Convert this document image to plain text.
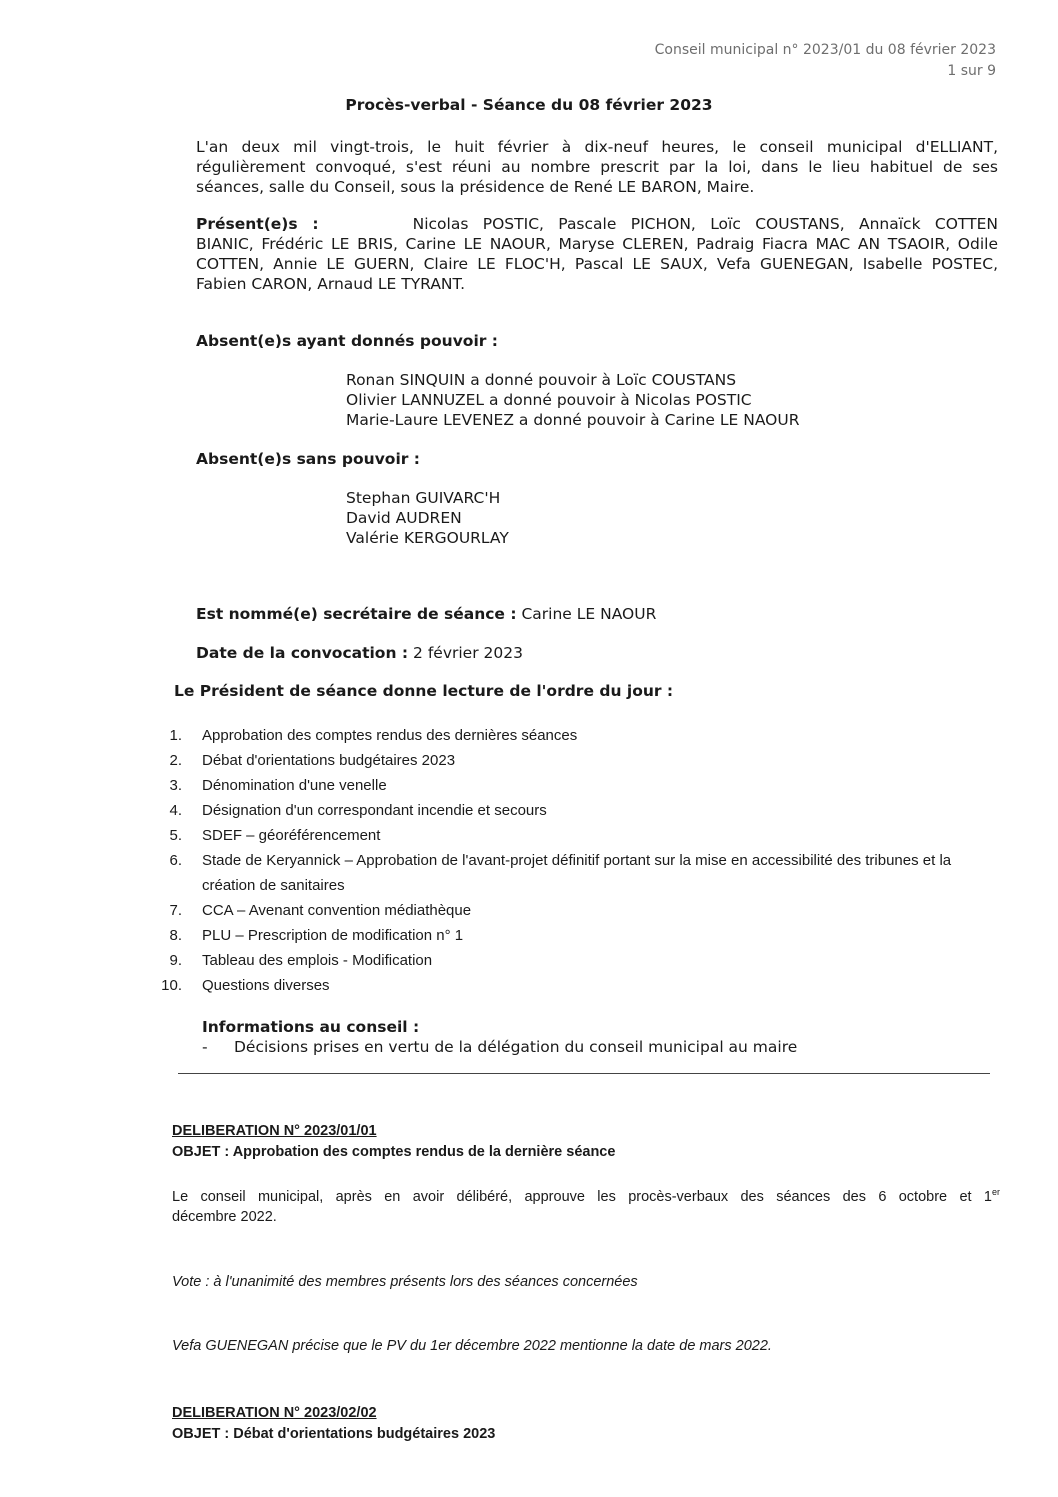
Conseil municipal n° 2023/01 du 08 février 2023
1 sur 9
Procès-verbal - Séance du 08 février 2023
L'an deux mil vingt-trois, le huit février à dix-neuf heures, le conseil municipal d'ELLIANT,
régulièrement convoqué, s'est réuni au nombre prescrit par la loi, dans le lieu habituel de ses
séances, salle du Conseil, sous la présidence de René LE BARON, Maire.
Présent(e)s :	Nicolas POSTIC, Pascale PICHON, Loïc COUSTANS, Annaïck COTTEN
BIANIC, Frédéric LE BRIS, Carine LE NAOUR, Maryse CLEREN, Padraig Fiacra MAC AN TSAOIR, Odile
COTTEN, Annie LE GUERN, Claire LE FLOC'H, Pascal LE SAUX, Vefa GUENEGAN, Isabelle POSTEC,
Fabien CARON, Arnaud LE TYRANT.
Absent(e)s ayant donnés pouvoir :
Ronan SINQUIN a donné pouvoir à Loïc COUSTANS
Olivier LANNUZEL a donné pouvoir à Nicolas POSTIC
Marie-Laure LEVENEZ a donné pouvoir à Carine LE NAOUR
Absent(e)s sans pouvoir :
Stephan GUIVARC'H
David AUDREN
Valérie KERGOURLAY
Est nommé(e) secrétaire de séance : Carine LE NAOUR
Date de la convocation : 2 février 2023
Le Président de séance donne lecture de l'ordre du jour :
1. Approbation des comptes rendus des dernières séances
2. Débat d'orientations budgétaires 2023
3. Dénomination d'une venelle
4. Désignation d'un correspondant incendie et secours
5. SDEF – géoréférencement
6. Stade de Keryannick – Approbation de l'avant-projet définitif portant sur la mise en accessibilité des tribunes et la création de sanitaires
7. CCA – Avenant convention médiathèque
8. PLU – Prescription de modification n° 1
9. Tableau des emplois - Modification
10. Questions diverses
Informations au conseil :
- Décisions prises en vertu de la délégation du conseil municipal au maire
DELIBERATION N° 2023/01/01
OBJET : Approbation des comptes rendus de la dernière séance
Le conseil municipal, après en avoir délibéré, approuve les procès-verbaux des séances des 6 octobre et 1er
décembre 2022.
Vote : à l'unanimité des membres présents lors des séances concernées
Vefa GUENEGAN précise que le PV du 1er décembre 2022 mentionne la date de mars 2022.
DELIBERATION N° 2023/02/02
OBJET : Débat d'orientations budgétaires 2023
